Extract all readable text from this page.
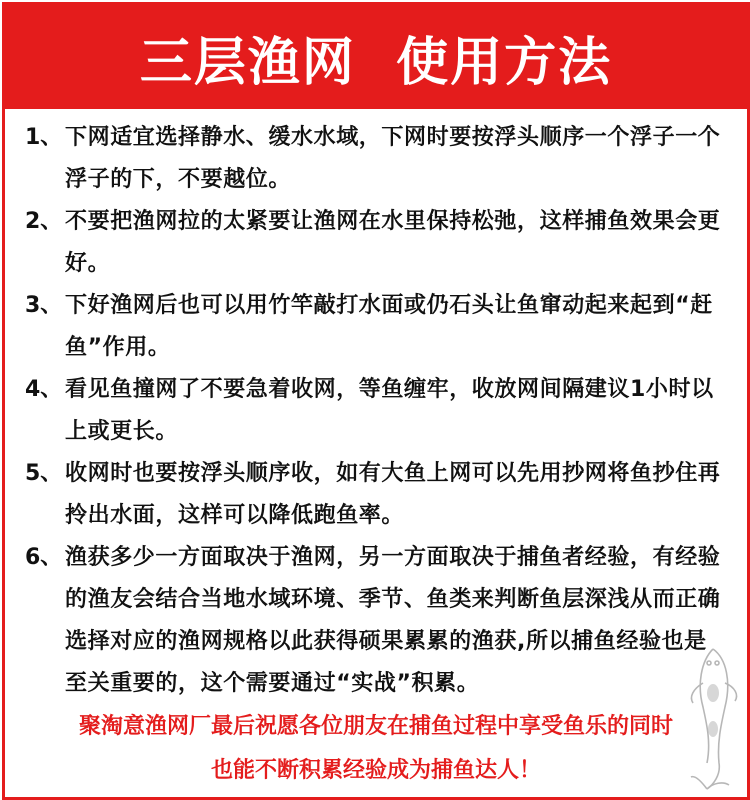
三层渔网  使用方法
1、 下网适宜选择静水、缓水水域，下网时要按浮头顺序一个浮子一个浮子的下，不要越位。
2、 不要把渔网拉的太紧要让渔网在水里保持松弛，这样捕鱼效果会更好。
3、 下好渔网后也可以用竹竿敲打水面或仍石头让鱼窜动起来起到“赶鱼”作用。
4、 看见鱼撞网了不要急着收网，等鱼缠牢，收放网间隔建议1小时以上或更长。
5、 收网时也要按浮头顺序收，如有大鱼上网可以先用抄网将鱼抄住再拎出水面，这样可以降低跑鱼率。
6、 渔获多少一方面取决于渔网，另一方面取决于捕鱼者经验，有经验的渔友会结合当地水域环境、季节、鱼类来判断鱼层深浅从而正确选择对应的渔网规格以此获得硕果累累的渔获,所以捕鱼经验也是至关重要的，这个需要通过“实战”积累。
聚淘意渔网厂最后祝愿各位朋友在捕鱼过程中享受鱼乐的同时
也能不断积累经验成为捕鱼达人！
